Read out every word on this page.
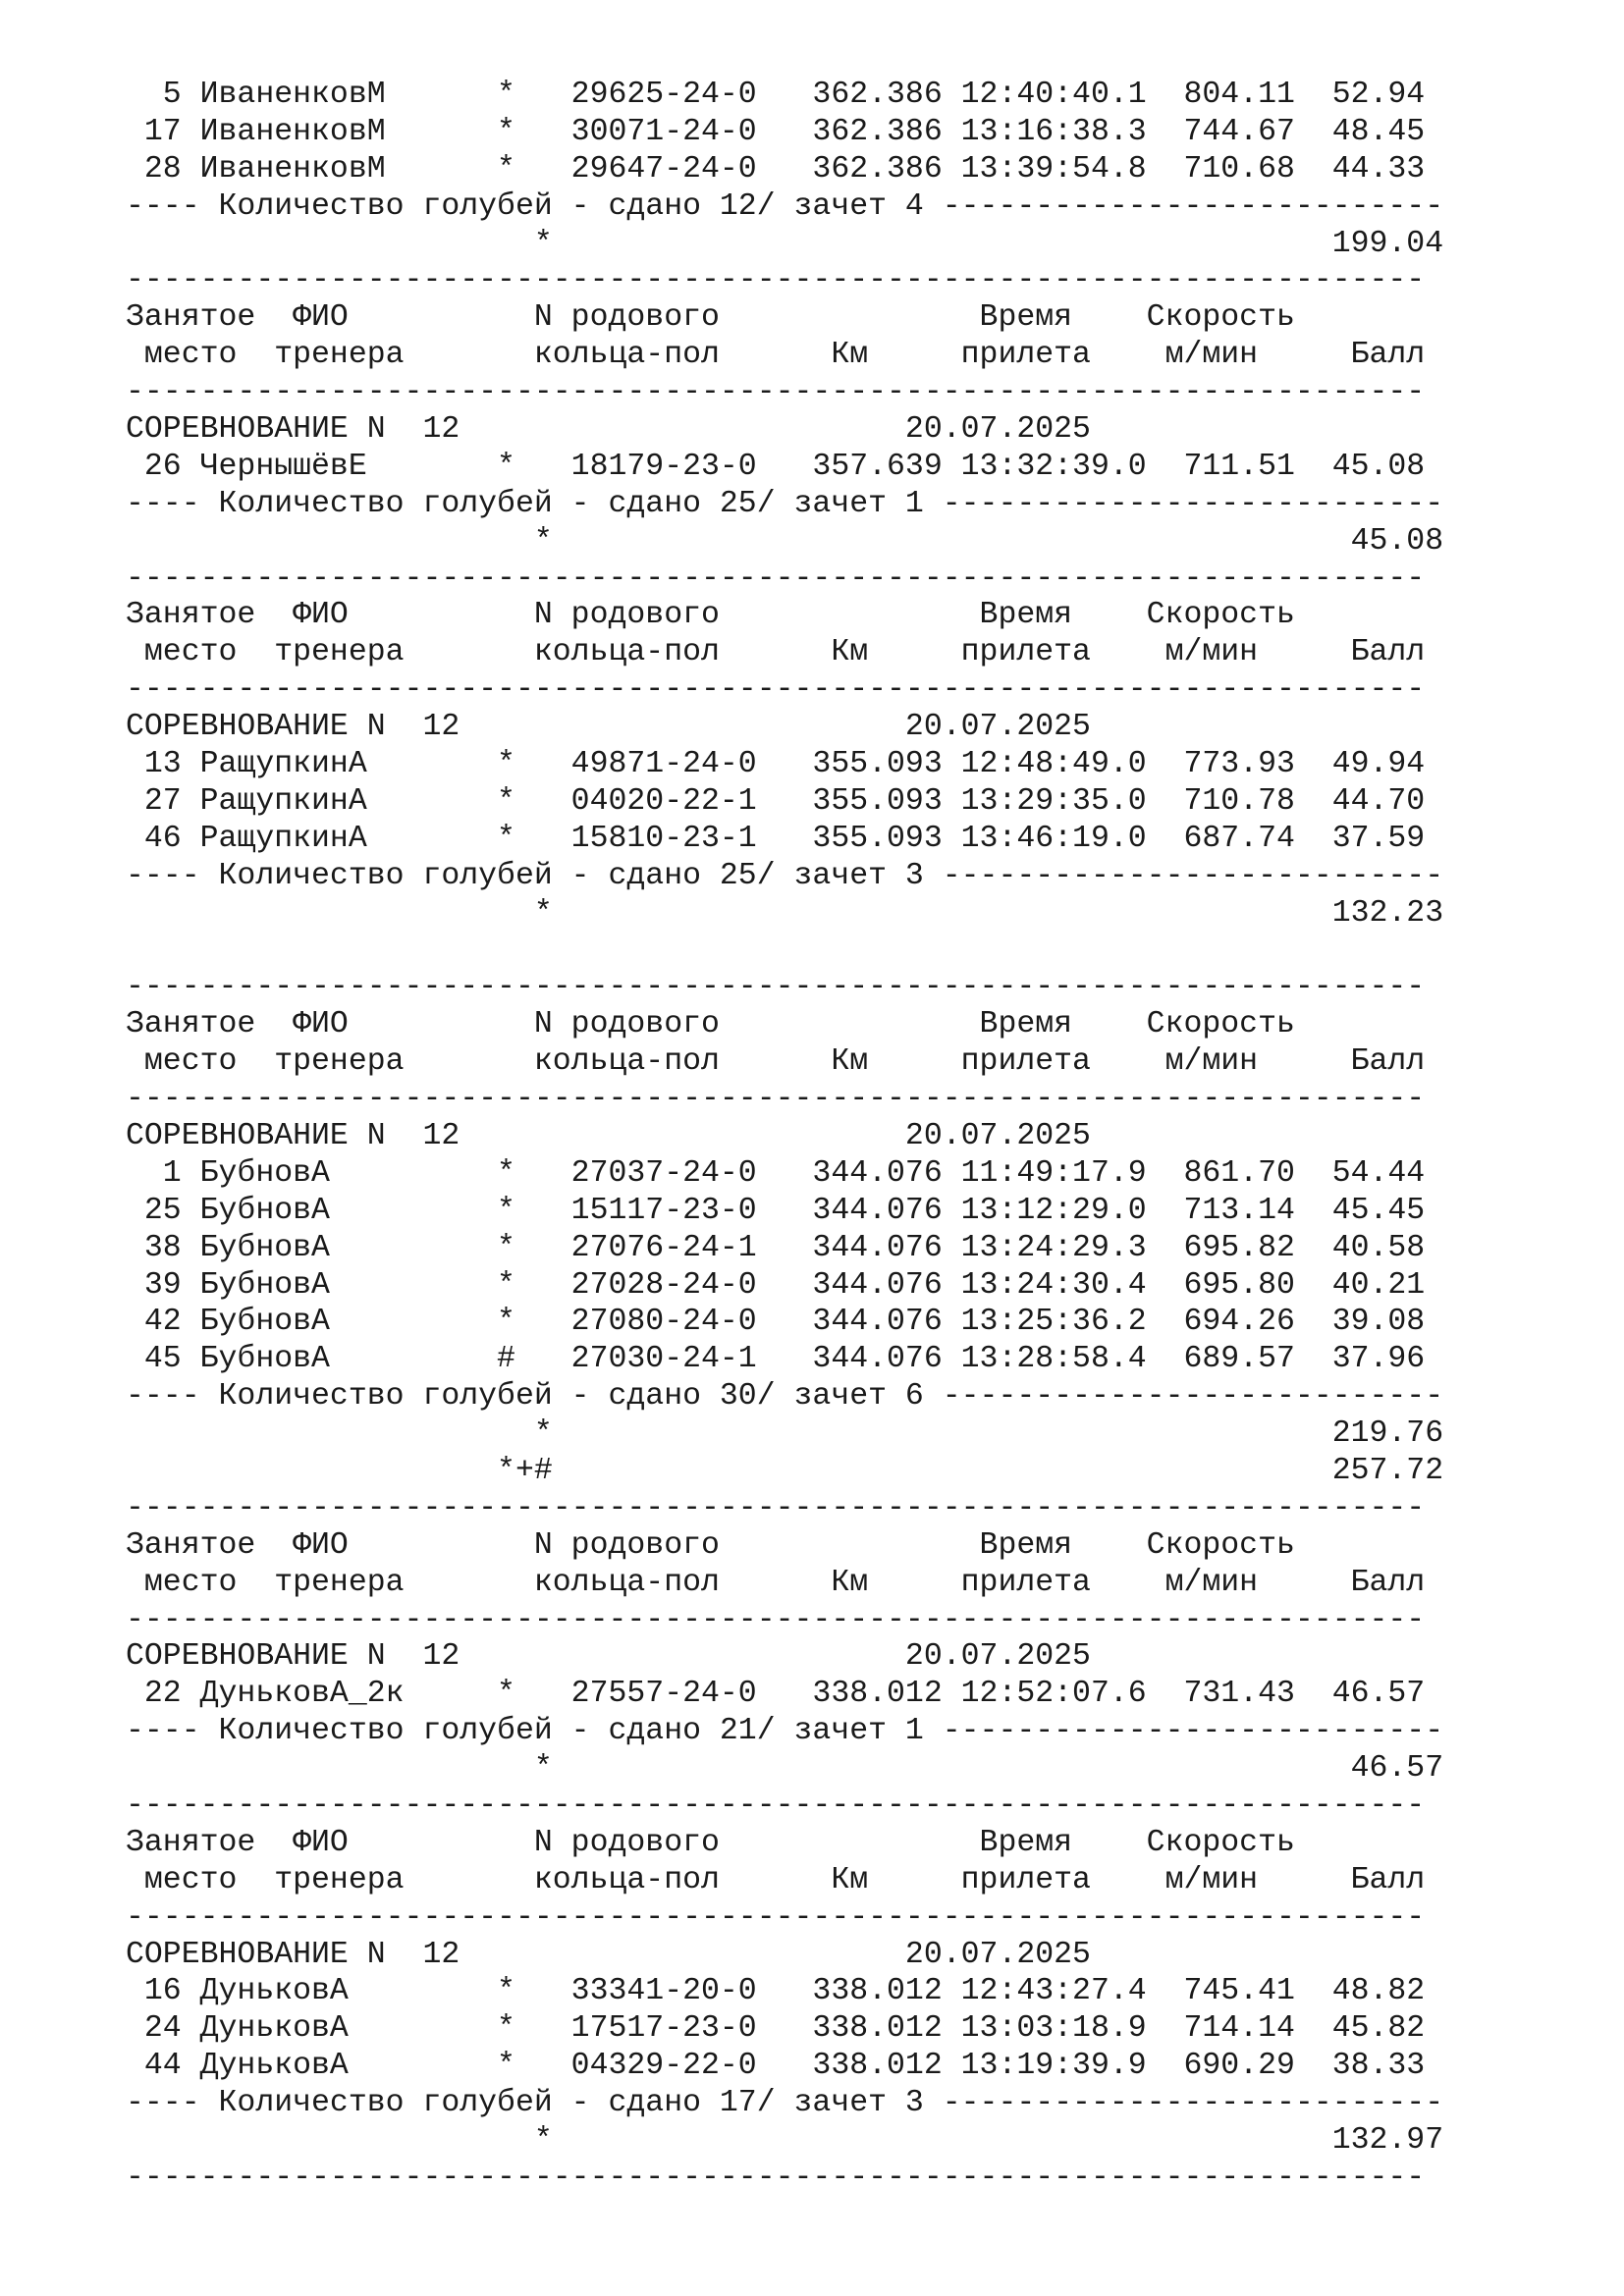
5 ИваненковМ      *   29625-24-0   362.386 12:40:40.1  804.11  52.94
17 ИваненковМ      *   30071-24-0   362.386 13:16:38.3  744.67  48.45
28 ИваненковМ      *   29647-24-0   362.386 13:39:54.8  710.68  44.33
---- Количество голубей - сдано 12/ зачет 4 ---------------------------
*                                          199.04
----------------------------------------------------------------------
Занятое  ФИО          N родового              Время    Скорость
место  тренера       кольца-пол      Км     прилета    м/мин     Балл
----------------------------------------------------------------------
СОРЕВНОВАНИЕ N  12                        20.07.2025
26 ЧернышёвЕ       *   18179-23-0   357.639 13:32:39.0  711.51  45.08
---- Количество голубей - сдано 25/ зачет 1 ---------------------------
*                                           45.08
----------------------------------------------------------------------
Занятое  ФИО          N родового              Время    Скорость
место  тренера       кольца-пол      Км     прилета    м/мин     Балл
----------------------------------------------------------------------
СОРЕВНОВАНИЕ N  12                        20.07.2025
13 РащупкинА       *   49871-24-0   355.093 12:48:49.0  773.93  49.94
27 РащупкинА       *   04020-22-1   355.093 13:29:35.0  710.78  44.70
46 РащупкинА       *   15810-23-1   355.093 13:46:19.0  687.74  37.59
---- Количество голубей - сдано 25/ зачет 3 ---------------------------
*                                          132.23
----------------------------------------------------------------------
Занятое  ФИО          N родового              Время    Скорость
место  тренера       кольца-пол      Км     прилета    м/мин     Балл
----------------------------------------------------------------------
СОРЕВНОВАНИЕ N  12                        20.07.2025
1 БубновА         *   27037-24-0   344.076 11:49:17.9  861.70  54.44
25 БубновА         *   15117-23-0   344.076 13:12:29.0  713.14  45.45
38 БубновА         *   27076-24-1   344.076 13:24:29.3  695.82  40.58
39 БубновА         *   27028-24-0   344.076 13:24:30.4  695.80  40.21
42 БубновА         *   27080-24-0   344.076 13:25:36.2  694.26  39.08
45 БубновА         #   27030-24-1   344.076 13:28:58.4  689.57  37.96
---- Количество голубей - сдано 30/ зачет 6 ---------------------------
*                                          219.76
*+#                                          257.72
----------------------------------------------------------------------
Занятое  ФИО          N родового              Время    Скорость
место  тренера       кольца-пол      Км     прилета    м/мин     Балл
----------------------------------------------------------------------
СОРЕВНОВАНИЕ N  12                        20.07.2025
22 ДуньковА_2к     *   27557-24-0   338.012 12:52:07.6  731.43  46.57
---- Количество голубей - сдано 21/ зачет 1 ---------------------------
*                                           46.57
----------------------------------------------------------------------
Занятое  ФИО          N родового              Время    Скорость
место  тренера       кольца-пол      Км     прилета    м/мин     Балл
----------------------------------------------------------------------
СОРЕВНОВАНИЕ N  12                        20.07.2025
16 ДуньковА        *   33341-20-0   338.012 12:43:27.4  745.41  48.82
24 ДуньковА        *   17517-23-0   338.012 13:03:18.9  714.14  45.82
44 ДуньковА        *   04329-22-0   338.012 13:19:39.9  690.29  38.33
---- Количество голубей - сдано 17/ зачет 3 ---------------------------
*                                          132.97
----------------------------------------------------------------------
